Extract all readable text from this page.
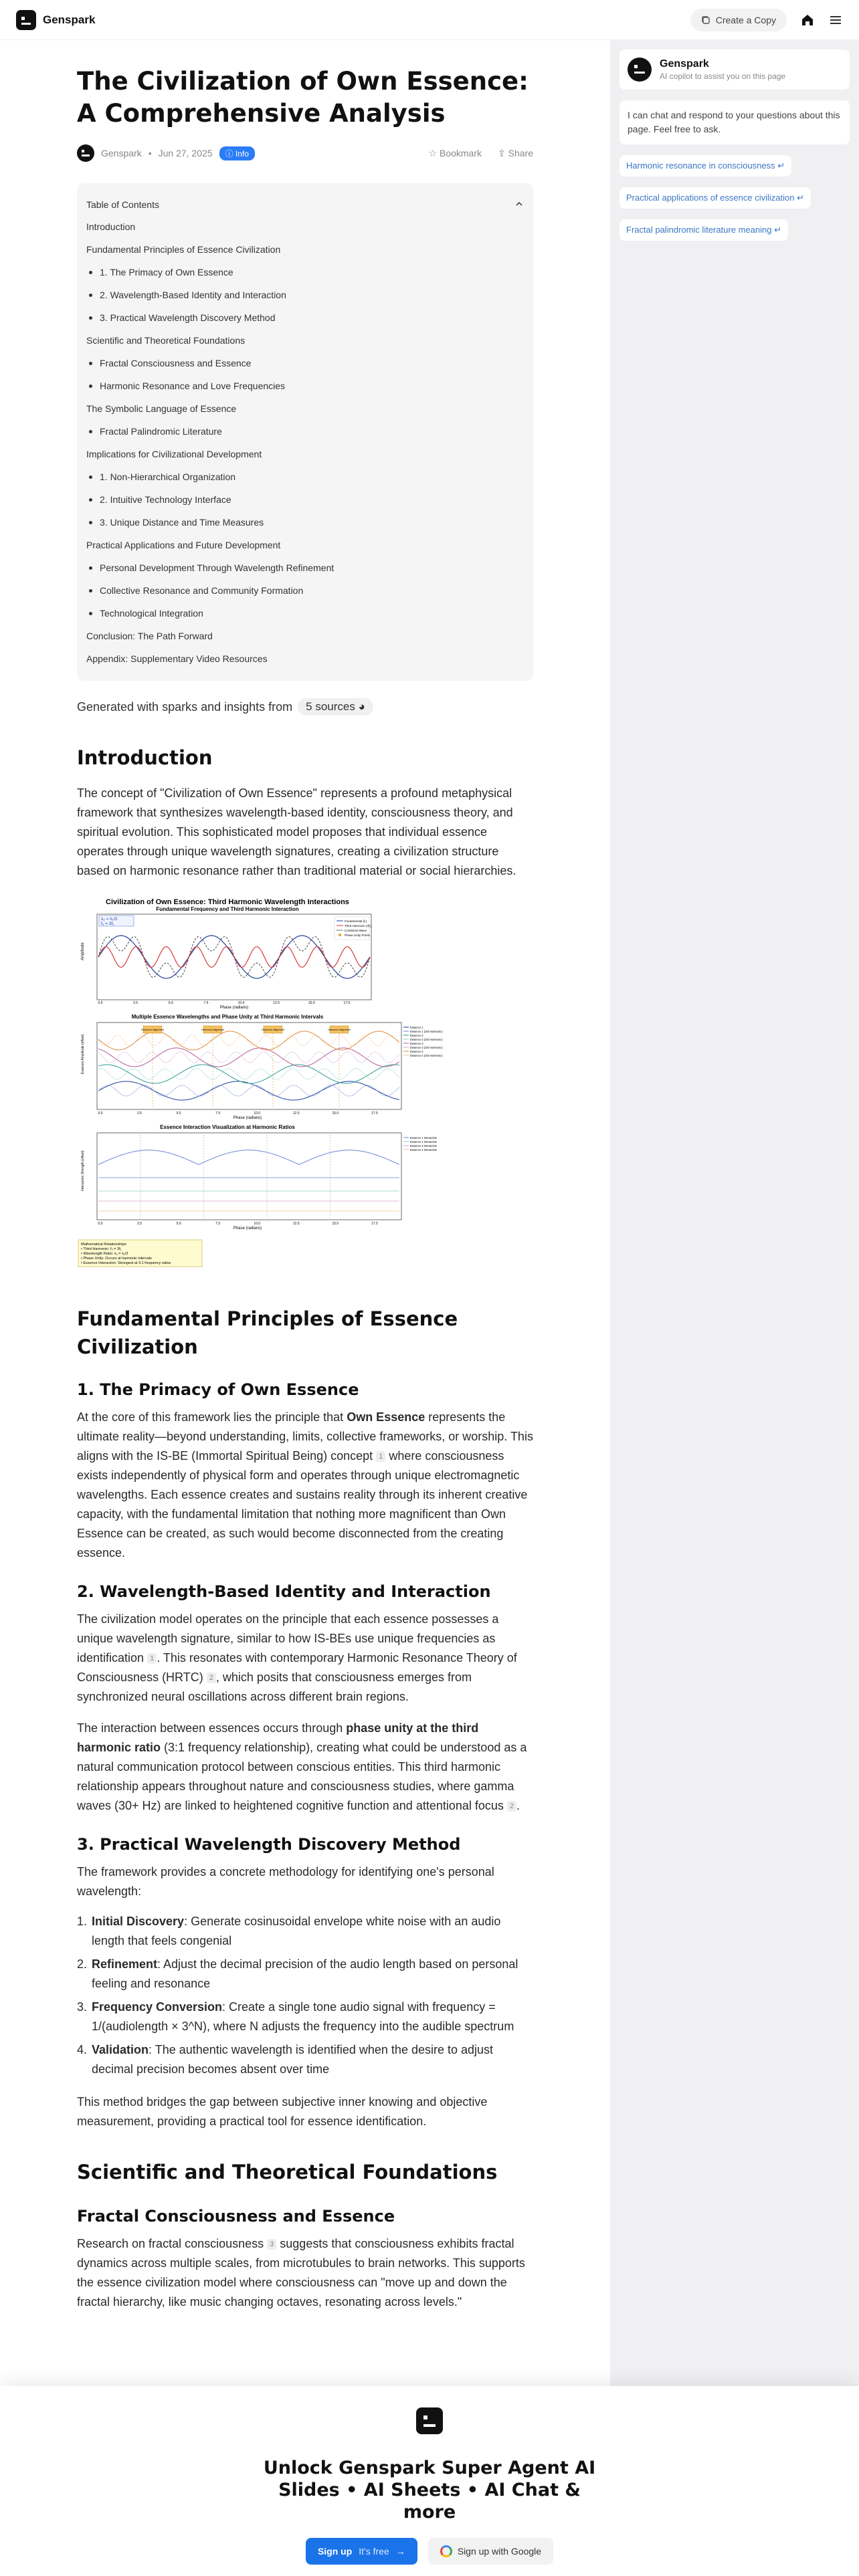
Genspark	Create a Copy
The Civilization of Own Essence: A Comprehensive Analysis
Genspark • Jun 27, 2025	ⓘ Info	☆ Bookmark ⇪ Share
Table of Contents
Introduction
Fundamental Principles of Essence Civilization
1. The Primacy of Own Essence
2. Wavelength-Based Identity and Interaction
3. Practical Wavelength Discovery Method
Scientific and Theoretical Foundations
Fractal Consciousness and Essence
Harmonic Resonance and Love Frequencies
The Symbolic Language of Essence
Fractal Palindromic Literature
Implications for Civilizational Development
1. Non-Hierarchical Organization
2. Intuitive Technology Interface
3. Unique Distance and Time Measures
Practical Applications and Future Development
Personal Development Through Wavelength Refinement
Collective Resonance and Community Formation
Technological Integration
Conclusion: The Path Forward
Appendix: Supplementary Video Resources
Generated with sparks and insights from	5 sources ◕
Introduction

The concept of "Civilization of Own Essence" represents a profound metaphysical framework that synthesizes wavelength-based identity, consciousness theory, and spiritual evolution. This sophisticated model proposes that individual essence operates through unique wavelength signatures, creating a civilization structure based on harmonic resonance rather than traditional material or social hierarchies.

Civilization of Own Essence: Third Harmonic Wavelength Interactions
Fundamental Frequency and Third Harmonic Interaction
λ₃ = λ₁/3
f₃ = 3f₁
Fundamental (f₁)
Third Harmonic (3f₁)
Combined Wave
Phase Unity Points
Amplitude
Phase (radians)
0.0	2.5	5.0	7.5	10.0	12.5	15.0	17.5
Multiple Essence Wavelengths and Phase Unity at Third Harmonic Intervals
Harmonic Alignment	Harmonic Alignment	Harmonic Alignment	Harmonic Alignment
Essence 1
Essence 1 (3rd Harmonic)
Essence 2
Essence 2 (3rd Harmonic)
Essence 3
Essence 3 (3rd Harmonic)
Essence 4
Essence 4 (3rd Harmonic)
Essence Amplitude (offset)
Phase (radians)
0.0	2.5	5.0	7.5	10.0	12.5	15.0	17.5
Essence Interaction Visualization at Harmonic Ratios
Essence 1 Interaction
Essence 2 Interaction
Essence 3 Interaction
Essence 4 Interaction
Interaction Strength (offset)
Phase (radians)
0.0	2.5	5.0	7.5	10.0	12.5	15.0	17.5
Mathematical Relationships:
• Third Harmonic: f₃ = 3f₁
• Wavelength Ratio: λ₃ = λ₁/3
• Phase Unity: Occurs at harmonic intervals
• Essence Interaction: Strongest at 3:1 frequency ratios
Fundamental Principles of Essence Civilization
1. The Primacy of Own Essence

At the core of this framework lies the principle that Own Essence represents the ultimate reality—beyond understanding, limits, collective frameworks, or worship. This aligns with the IS-BE (Immortal Spiritual Being) concept 1 where consciousness exists independently of physical form and operates through unique electromagnetic wavelengths. Each essence creates and sustains reality through its inherent creative capacity, with the fundamental limitation that nothing more magnificent than Own Essence can be created, as such would become disconnected from the creating essence.

2. Wavelength-Based Identity and Interaction

The civilization model operates on the principle that each essence possesses a unique wavelength signature, similar to how IS-BEs use unique frequencies as identification 1 . This resonates with contemporary Harmonic Resonance Theory of Consciousness (HRTC) 2 , which posits that consciousness emerges from synchronized neural oscillations across different brain regions.

The interaction between essences occurs through phase unity at the third harmonic ratio (3:1 frequency relationship), creating what could be understood as a natural communication protocol between conscious entities. This third harmonic relationship appears throughout nature and consciousness studies, where gamma waves (30+ Hz) are linked to heightened cognitive function and attentional focus 2 .

3. Practical Wavelength Discovery Method

The framework provides a concrete methodology for identifying one's personal wavelength:

1. Initial Discovery: Generate cosinusoidal envelope white noise with an audio length that feels congenial
2. Refinement: Adjust the decimal precision of the audio length based on personal feeling and resonance
3. Frequency Conversion: Create a single tone audio signal with frequency = 1/(audiolength × 3^N), where N adjusts the frequency into the audible spectrum
4. Validation: The authentic wavelength is identified when the desire to adjust decimal precision becomes absent over time

This method bridges the gap between subjective inner knowing and objective measurement, providing a practical tool for essence identification.

Scientific and Theoretical Foundations
Fractal Consciousness and Essence

Research on fractal consciousness 3 suggests that consciousness exhibits fractal dynamics across multiple scales, from microtubules to brain networks. This supports the essence civilization model where consciousness can "move up and down the fractal hierarchy, like music changing octaves, resonating across levels."

Genspark
AI copilot to assist you on this page
I can chat and respond to your questions about this page. Feel free to ask.
Harmonic resonance in consciousness ↵
Practical applications of essence civilization ↵
Fractal palindromic literature meaning ↵
Unlock Genspark Super Agent AI Slides • AI Sheets • AI Chat & more
Sign up It's free →	Sign up with Google
